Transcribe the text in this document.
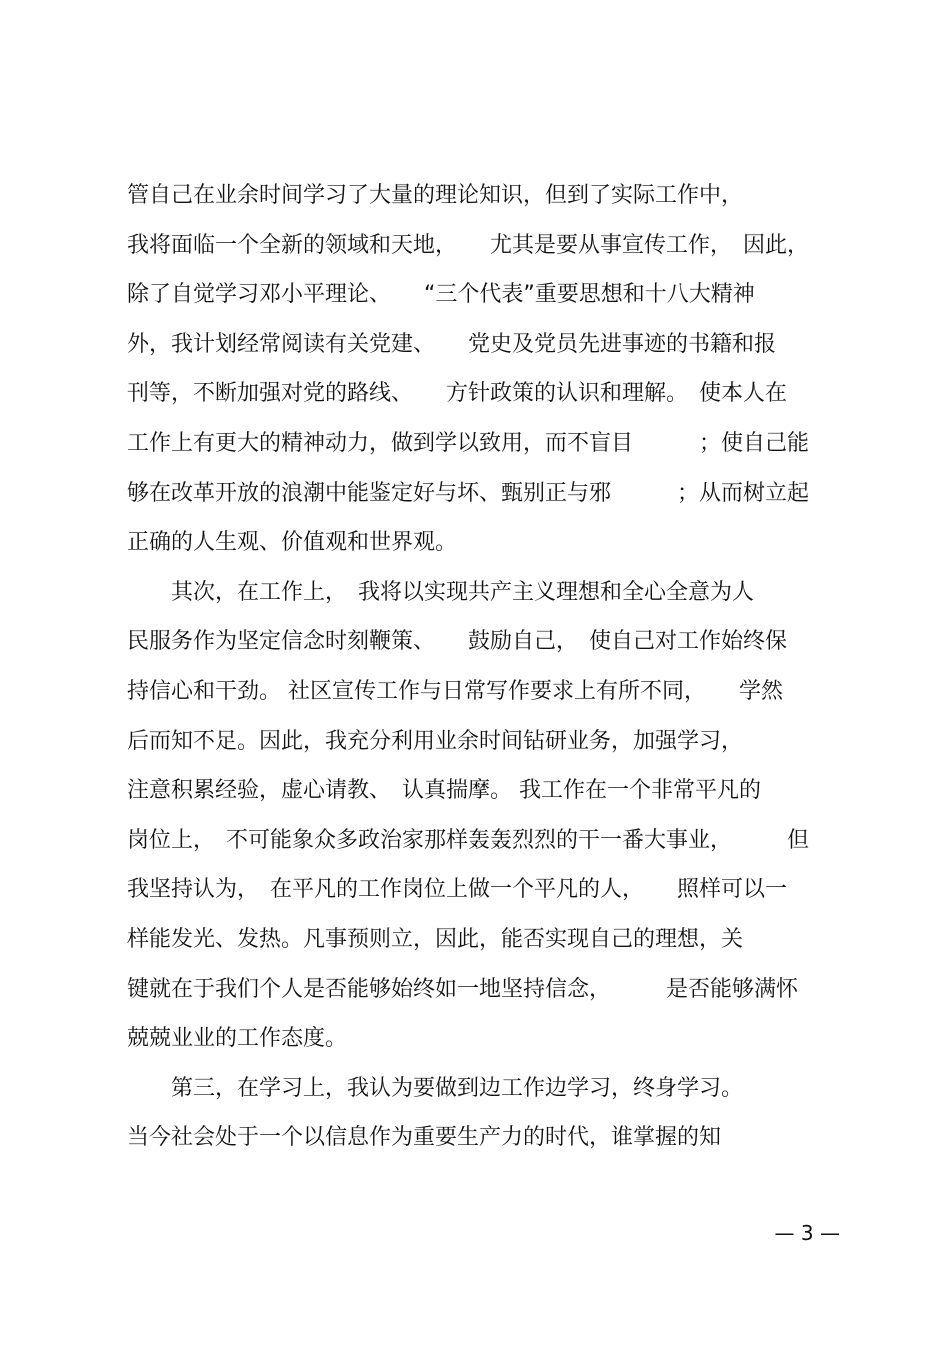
管自己在业余时间学习了大量的理论知识，但到了实际工作中，
我将面临一个全新的领域和天地，　　尤其是要从事宣传工作，　因此，
除了自觉学习邓小平理论、　　“三个代表”重要思想和十八大精神
外，我计划经常阅读有关党建、　　党史及党员先进事迹的书籍和报
刊等，不断加强对党的路线、　　方针政策的认识和理解。　使本人在
工作上有更大的精神动力，做到学以致用，而不盲目　　　；使自己能
够在改革开放的浪潮中能鉴定好与坏、甄别正与邪　　　；从而树立起
正确的人生观、价值观和世界观。
　　其次，在工作上，　我将以实现共产主义理想和全心全意为人
民服务作为坚定信念时刻鞭策、　　鼓励自己，　使自己对工作始终保
持信心和干劲。 社区宣传工作与日常写作要求上有所不同，　　学然
后而知不足。因此，我充分利用业余时间钻研业务，加强学习，
注意积累经验，虚心请教、　认真揣摩。 我工作在一个非常平凡的
岗位上，　不可能象众多政治家那样轰轰烈烈的干一番大事业，　　　但
我坚持认为，　在平凡的工作岗位上做一个平凡的人，　　照样可以一
样能发光、发热。凡事预则立，因此，能否实现自己的理想，关
键就在于我们个人是否能够始终如一地坚持信念，　　　是否能够满怀
兢兢业业的工作态度。
　　第三，在学习上，我认为要做到边工作边学习，终身学习。
当今社会处于一个以信息作为重要生产力的时代，谁掌握的知
— 3 —
